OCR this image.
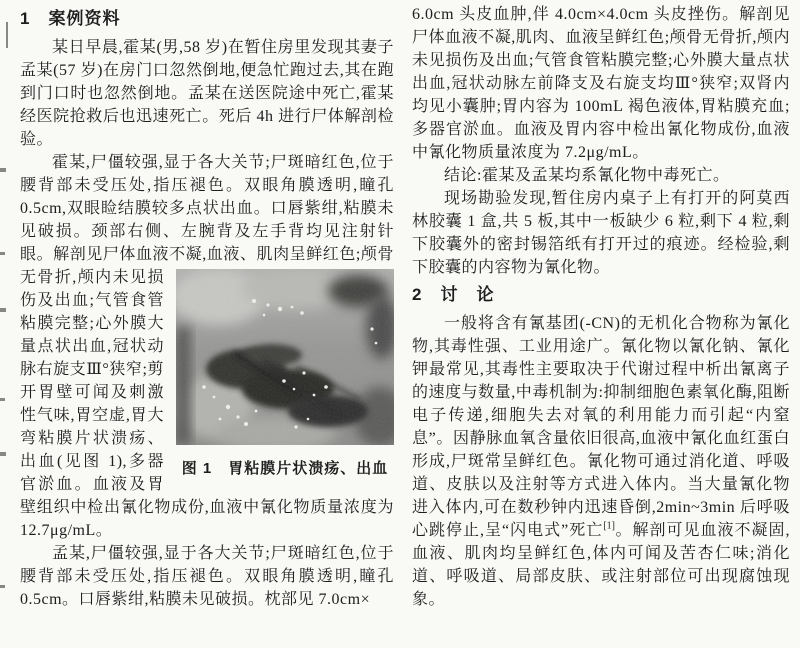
1　案例资料

某日早晨,霍某(男,58 岁)在暂住房里发现其妻子孟某(57 岁)在房门口忽然倒地,便急忙跑过去,其在跑到门口时也忽然倒地。孟某在送医院途中死亡,霍某经医院抢救后也迅速死亡。死后 4h 进行尸体解剖检验。

霍某,尸僵较强,显于各大关节;尸斑暗红色,位于腰背部未受压处,指压褪色。双眼角膜透明,瞳孔 0.5cm,双眼睑结膜较多点状出血。口唇紫绀,粘膜未见破损。颈部右侧、左腕背及左手背均见注射针眼。解剖见尸体血液不凝,血液、肌肉呈鲜红色;颅骨
图 1　胃粘膜片状溃疡、出血
无骨折,颅内未见损伤及出血;气管食管粘膜完整;心外膜大量点状出血,冠状动脉右旋支Ⅲ°狭窄;剪开胃壁可闻及刺激性气味,胃空虚,胃大弯粘膜片状溃疡、出血(见图 1),多器官淤血。血液及胃壁组织中检出氰化物成份,血液中氰化物质量浓度为 12.7μg/mL。

孟某,尸僵较强,显于各大关节;尸斑暗红色,位于腰背部未受压处,指压褪色。双眼角膜透明,瞳孔 0.5cm。口唇紫绀,粘膜未见破损。枕部见 7.0cm×

6.0cm 头皮血肿,伴 4.0cm×4.0cm 头皮挫伤。解剖见尸体血液不凝,肌肉、血液呈鲜红色;颅骨无骨折,颅内未见损伤及出血;气管食管粘膜完整;心外膜大量点状出血,冠状动脉左前降支及右旋支均Ⅲ°狭窄;双肾内均见小囊肿;胃内容为 100mL 褐色液体,胃粘膜充血;多器官淤血。血液及胃内容中检出氰化物成份,血液中氰化物质量浓度为 7.2μg/mL。

结论:霍某及孟某均系氰化物中毒死亡。

现场勘验发现,暂住房内桌子上有打开的阿莫西林胶囊 1 盒,共 5 板,其中一板缺少 6 粒,剩下 4 粒,剩下胶囊外的密封锡箔纸有打开过的痕迹。经检验,剩下胶囊的内容物为氰化物。

2　讨　论

一般将含有氰基团(-CN)的无机化合物称为氰化物,其毒性强、工业用途广。氰化物以氰化钠、氰化钾最常见,其毒性主要取决于代谢过程中析出氰离子的速度与数量,中毒机制为:抑制细胞色素氧化酶,阻断电子传递,细胞失去对氧的利用能力而引起“内窒息”。因静脉血氧含量依旧很高,血液中氰化血红蛋白形成,尸斑常呈鲜红色。氰化物可通过消化道、呼吸道、皮肤以及注射等方式进入体内。当大量氰化物进入体内,可在数秒钟内迅速昏倒,2min~3min 后呼吸心跳停止,呈“闪电式”死亡[1]。解剖可见血液不凝固,血液、肌肉均呈鲜红色,体内可闻及苦杏仁味;消化道、呼吸道、局部皮肤、或注射部位可出现腐蚀现象。
